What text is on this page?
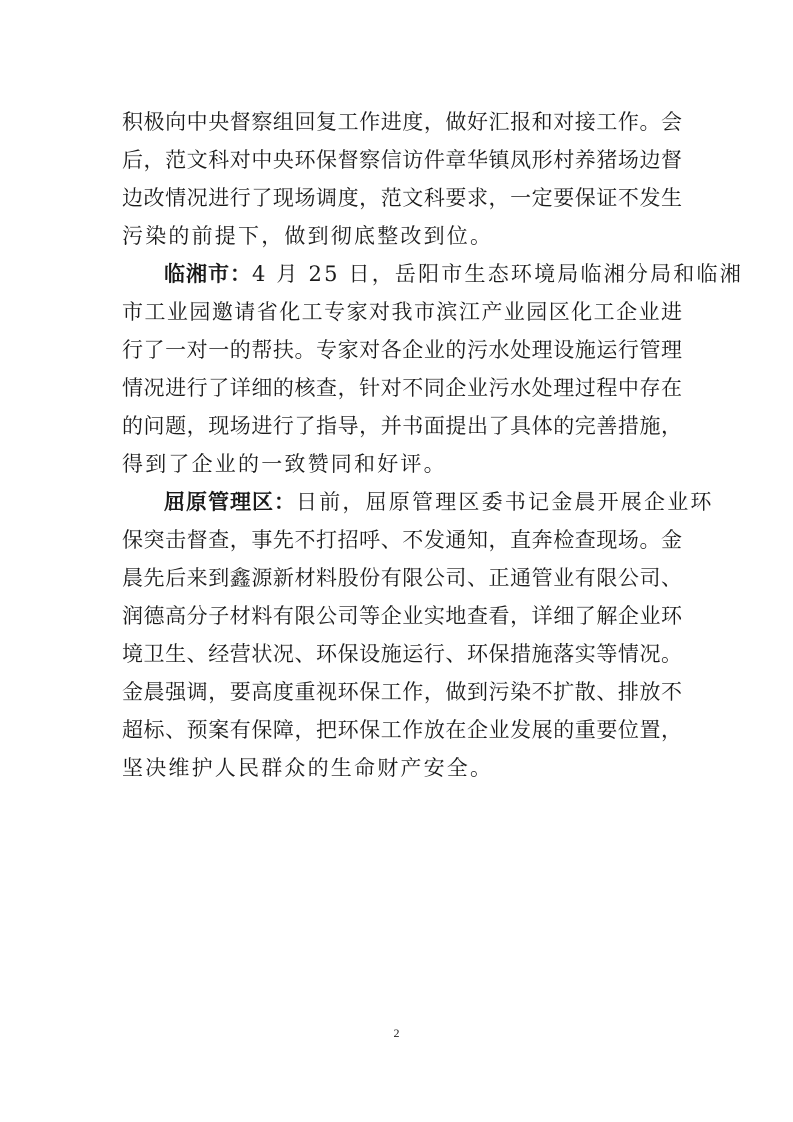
积极向中央督察组回复工作进度，做好汇报和对接工作。会
后，范文科对中央环保督察信访件章华镇凤形村养猪场边督
边改情况进行了现场调度，范文科要求，一定要保证不发生
污染的前提下，做到彻底整改到位。
临湘市：4 月 25 日，岳阳市生态环境局临湘分局和临湘
市工业园邀请省化工专家对我市滨江产业园区化工企业进
行了一对一的帮扶。专家对各企业的污水处理设施运行管理
情况进行了详细的核查，针对不同企业污水处理过程中存在
的问题，现场进行了指导，并书面提出了具体的完善措施，
得到了企业的一致赞同和好评。
屈原管理区：日前，屈原管理区委书记金晨开展企业环
保突击督查，事先不打招呼、不发通知，直奔检查现场。金
晨先后来到鑫源新材料股份有限公司、正通管业有限公司、
润德高分子材料有限公司等企业实地查看，详细了解企业环
境卫生、经营状况、环保设施运行、环保措施落实等情况。
金晨强调，要高度重视环保工作，做到污染不扩散、排放不
超标、预案有保障，把环保工作放在企业发展的重要位置，
坚决维护人民群众的生命财产安全。
2
